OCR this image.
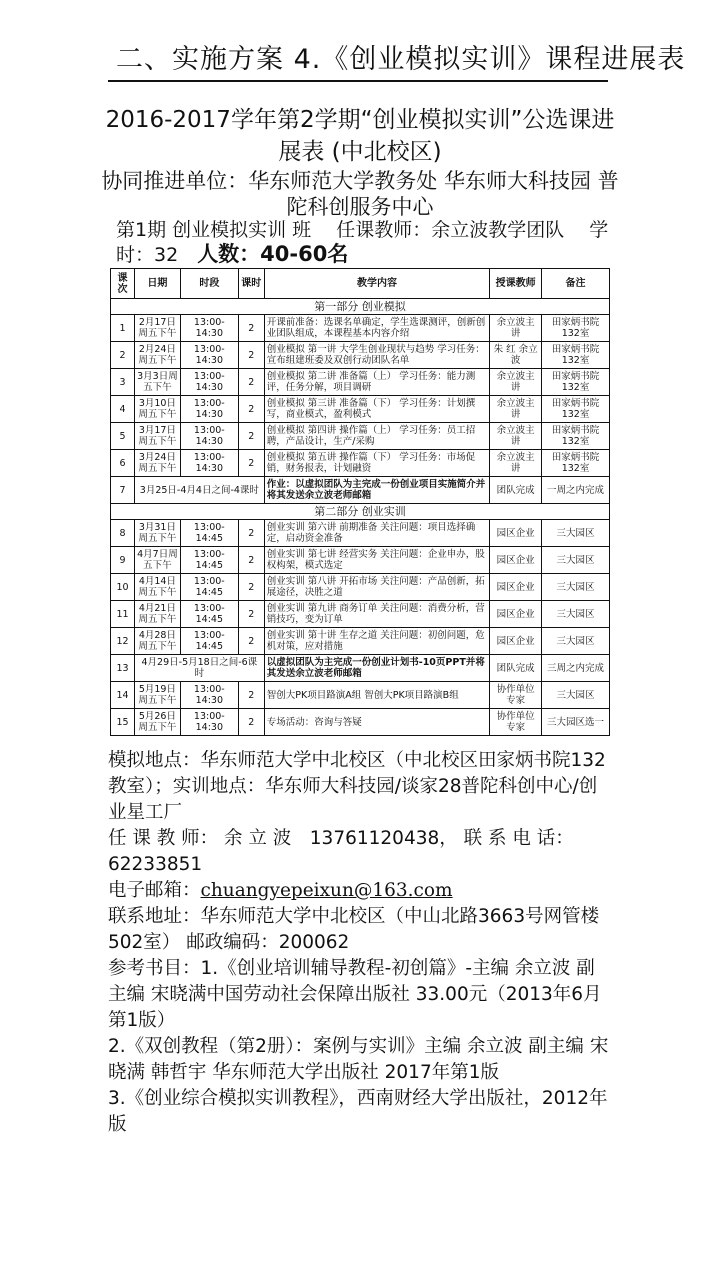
二、实施方案 4.《创业模拟实训》课程进展表
2016-2017学年第2学期“创业模拟实训”公选课进展表 (中北校区)
协同推进单位：华东师范大学教务处 华东师大科技园 普陀科创服务中心
第1期 创业模拟实训 班　 任课教师：余立波教学团队　 学时：32　人数：40-60名
课次	日期	时段	课时	教学内容	授课教师	备注
第一部分 创业模拟						
1	2月17日周五下午	13:00-14:30	2	开课前准备：选课名单确定，学生选课测评，创新创业团队组成，本课程基本内容介绍	余立波主讲	田家炳书院132室
2	2月24日周五下午	13:00-14:30	2	创业模拟 第一讲 大学生创业现状与趋势 学习任务：宣布组建班委及双创行动团队名单	朱 红 余立波	田家炳书院132室
3	3月3日周五下午	13:00-14:30	2	创业模拟 第二讲 准备篇（上） 学习任务：能力测评，任务分解，项目调研	余立波主讲	田家炳书院132室
4	3月10日周五下午	13:00-14:30	2	创业模拟 第三讲 准备篇（下） 学习任务：计划撰写，商业模式，盈利模式	余立波主讲	田家炳书院132室
5	3月17日周五下午	13:00-14:30	2	创业模拟 第四讲 操作篇（上） 学习任务：员工招聘，产品设计，生产/采购	余立波主讲	田家炳书院132室
6	3月24日周五下午	13:00-14:30	2	创业模拟 第五讲 操作篇（下） 学习任务：市场促销，财务报表，计划融资	余立波主讲	田家炳书院132室
7	3月25日-4月4日之间-4课时			作业：以虚拟团队为主完成一份创业项目实施简介并将其发送余立波老师邮箱	团队完成	一周之内完成
第二部分 创业实训						
8	3月31日周五下午	13:00-14:45	2	创业实训 第六讲 前期准备 关注问题：项目选择确定，启动资金准备	园区企业	三大园区
9	4月7日周五下午	13:00-14:45	2	创业实训 第七讲 经营实务 关注问题：企业申办，股权构架，模式选定	园区企业	三大园区
10	4月14日周五下午	13:00-14:45	2	创业实训 第八讲 开拓市场 关注问题：产品创新，拓展途径，决胜之道	园区企业	三大园区
11	4月21日周五下午	13:00-14:45	2	创业实训 第九讲 商务订单 关注问题：消费分析，营销技巧，变为订单	园区企业	三大园区
12	4月28日周五下午	13:00-14:45	2	创业实训 第十讲 生存之道 关注问题：初创问题，危机对策，应对措施	园区企业	三大园区
13	4月29日-5月18日之间-6课时			以虚拟团队为主完成一份创业计划书-10页PPT并将其发送余立波老师邮箱	团队完成	三周之内完成
14	5月19日周五下午	13:00-14:30	2	智创大PK项目路演A组 智创大PK项目路演B组	协作单位专家	三大园区
15	5月26日周五下午	13:00-14:30	2	专场活动：咨询与答疑	协作单位专家	三大园区选一

模拟地点：华东师范大学中北校区（中北校区田家炳书院132教室）；实训地点：华东师大科技园/谈家28普陀科创中心/创业星工厂

任 课 教 师： 余 立 波　13761120438， 联 系 电 话：62233851

电子邮箱：chuangyepeixun@163.com

联系地址：华东师范大学中北校区（中山北路3663号网管楼502室） 邮政编码：200062

参考书目：1.《创业培训辅导教程-初创篇》-主编 余立波 副主编 宋晓满中国劳动社会保障出版社 33.00元（2013年6月第1版）

2.《双创教程（第2册）：案例与实训》主编 余立波 副主编 宋晓满 韩哲宇 华东师范大学出版社 2017年第1版

3.《创业综合模拟实训教程》，西南财经大学出版社，2012年版
